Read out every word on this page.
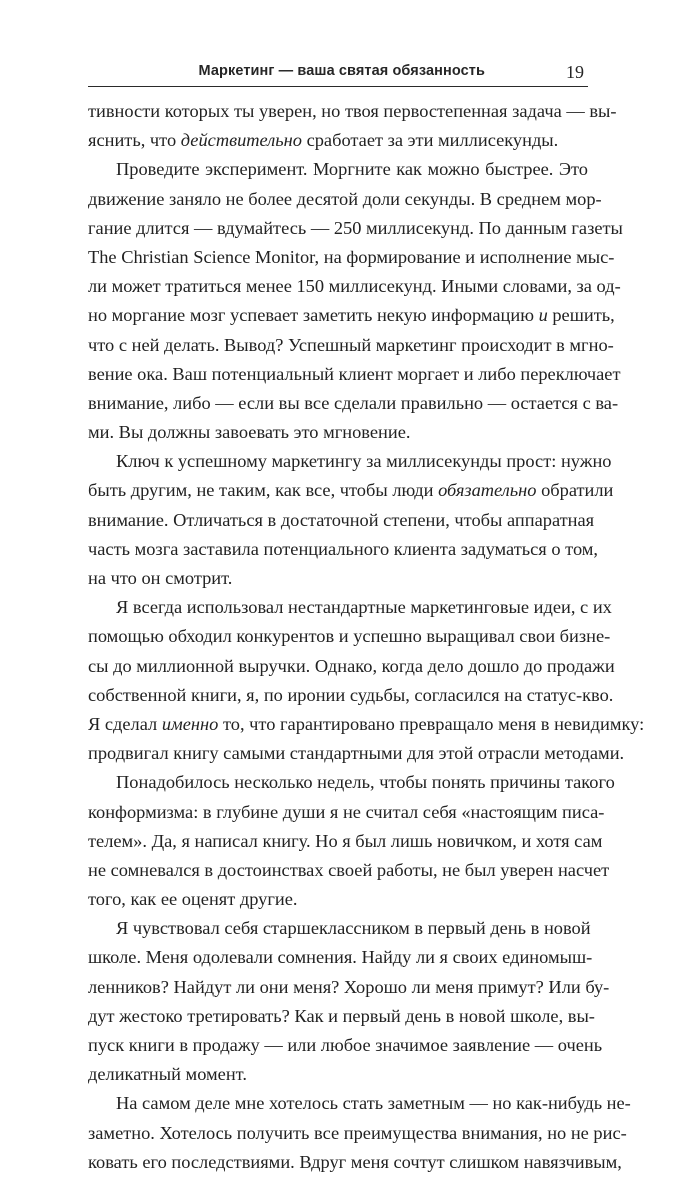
Маркетинг — ваша святая обязанность	19
тивности которых ты уверен, но твоя первостепенная задача — вы-
яснить, что действительно сработает за эти миллисекунды.
Проведите эксперимент. Моргните как можно быстрее. Это
движение заняло не более десятой доли секунды. В среднем мор-
гание длится — вдумайтесь — 250 миллисекунд. По данным газеты
The Christian Science Monitor, на формирование и исполнение мыс-
ли может тратиться менее 150 миллисекунд. Иными словами, за од-
но моргание мозг успевает заметить некую информацию и решить,
что с ней делать. Вывод? Успешный маркетинг происходит в мгно-
вение ока. Ваш потенциальный клиент моргает и либо переключает
внимание, либо — если вы все сделали правильно — остается с ва-
ми. Вы должны завоевать это мгновение.
Ключ к успешному маркетингу за миллисекунды прост: нужно
быть другим, не таким, как все, чтобы люди обязательно обратили
внимание. Отличаться в достаточной степени, чтобы аппаратная
часть мозга заставила потенциального клиента задуматься о том,
на что он смотрит.
Я всегда использовал нестандартные маркетинговые идеи, с их
помощью обходил конкурентов и успешно выращивал свои бизне-
сы до миллионной выручки. Однако, когда дело дошло до продажи
собственной книги, я, по иронии судьбы, согласился на статус-кво.
Я сделал именно то, что гарантировано превращало меня в невидимку:
продвигал книгу самыми стандартными для этой отрасли методами.
Понадобилось несколько недель, чтобы понять причины такого
конформизма: в глубине души я не считал себя «настоящим писа-
телем». Да, я написал книгу. Но я был лишь новичком, и хотя сам
не сомневался в достоинствах своей работы, не был уверен насчет
того, как ее оценят другие.
Я чувствовал себя старшеклассником в первый день в новой
школе. Меня одолевали сомнения. Найду ли я своих единомыш-
ленников? Найдут ли они меня? Хорошо ли меня примут? Или бу-
дут жестоко третировать? Как и первый день в новой школе, вы-
пуск книги в продажу — или любое значимое заявление — очень
деликатный момент.
На самом деле мне хотелось стать заметным — но как-нибудь не-
заметно. Хотелось получить все преимущества внимания, но не рис-
ковать его последствиями. Вдруг меня сочтут слишком навязчивым,
